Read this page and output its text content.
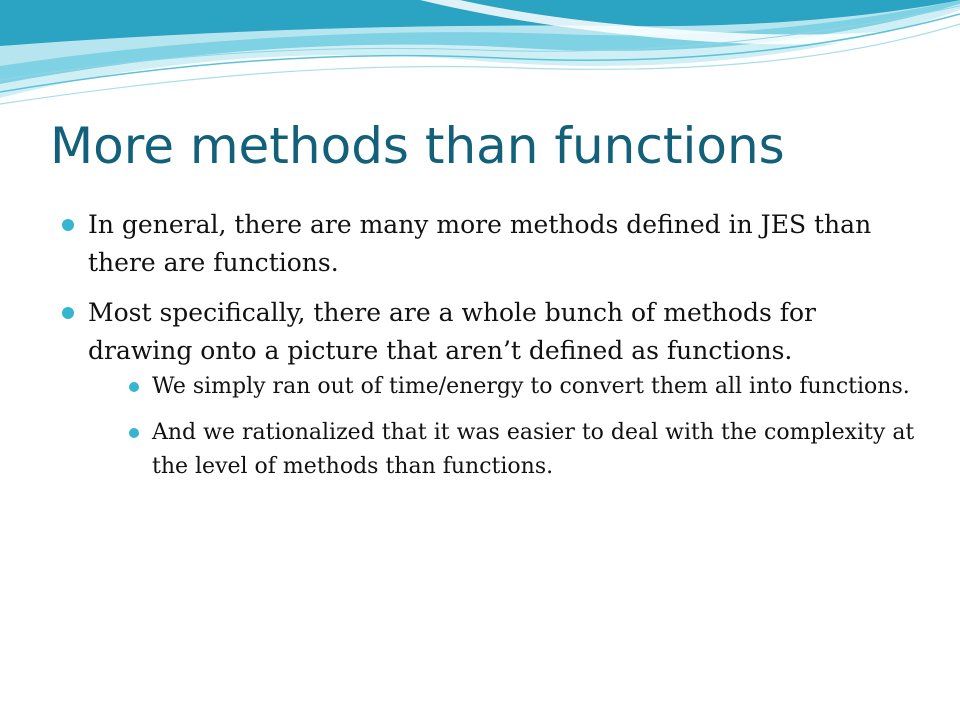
More methods than functions
In general, there are many more methods defined in JES than there are functions.
Most specifically, there are a whole bunch of methods for drawing onto a picture that aren’t defined as functions.
We simply ran out of time/energy to convert them all into functions.
And we rationalized that it was easier to deal with the complexity at the level of methods than functions.
